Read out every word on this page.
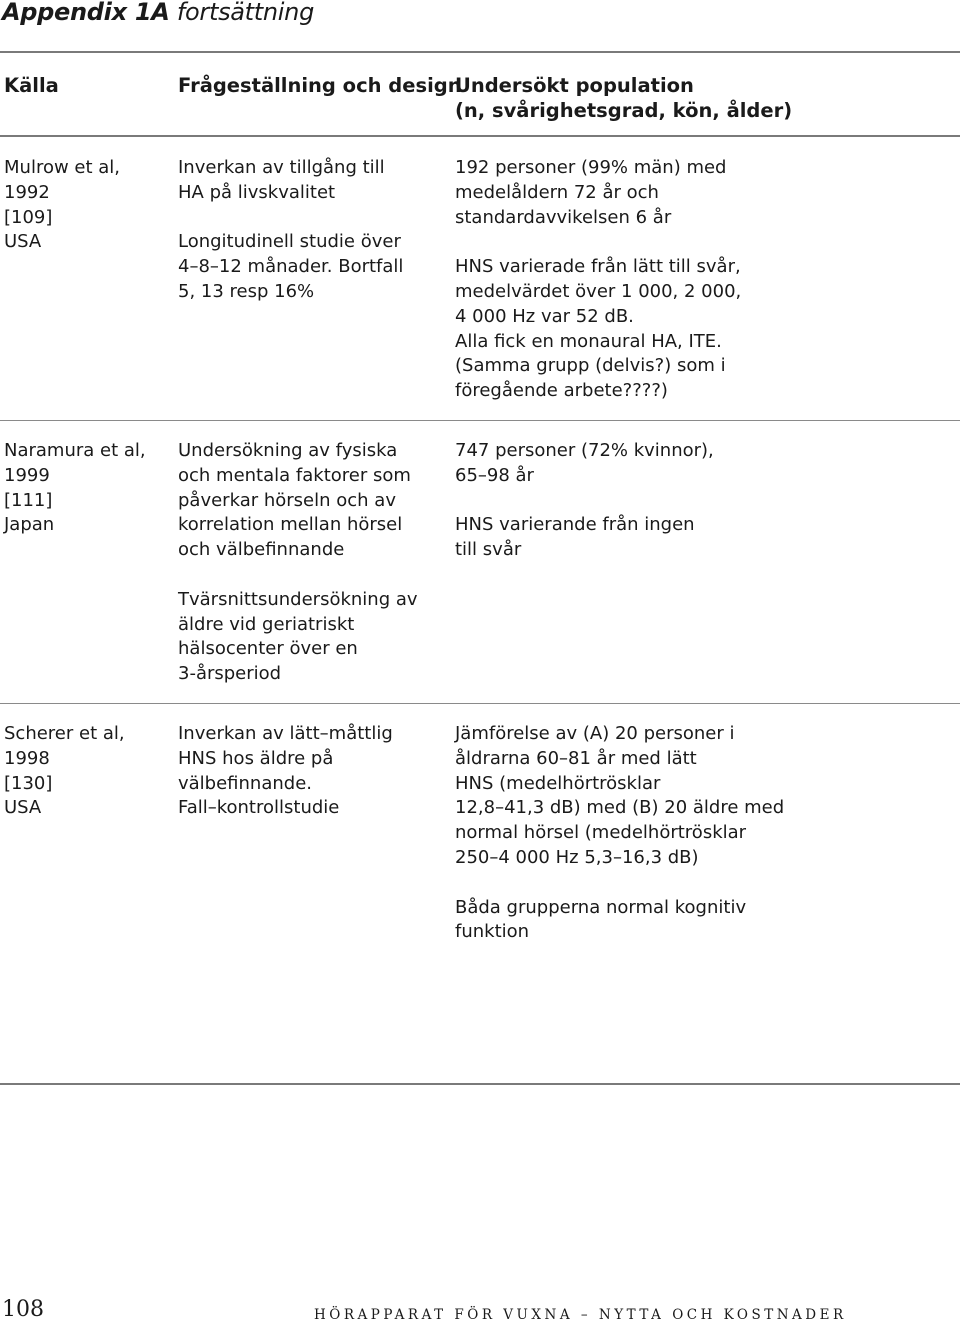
Appendix 1A fortsättning
Källa	Frågeställning och design
Undersökt population
(n, svårighetsgrad, kön, ålder)
Mulrow et al,
1992
[109]
USA
Inverkan av tillgång till
HA på livskvalitet
Longitudinell studie över
4–8–12 månader. Bortfall
5, 13 resp 16%
192 personer (99% män) med
medelåldern 72 år och
standardavvikelsen 6 år
HNS varierade från lätt till svår,
medelvärdet över 1 000, 2 000,
4 000 Hz var 52 dB.
Alla fick en monaural HA, ITE.
(Samma grupp (delvis?) som i
föregående arbete????)
Naramura et al,
1999
[111]
Japan
Undersökning av fysiska
och mentala faktorer som
påverkar hörseln och av
korrelation mellan hörsel
och välbefinnande
Tvärsnittsundersökning av
äldre vid geriatriskt
hälsocenter över en
3-årsperiod
747 personer (72% kvinnor),
65–98 år
HNS varierande från ingen
till svår
Scherer et al,
1998
[130]
USA
Inverkan av lätt–måttlig
HNS hos äldre på
välbefinnande.
Fall–kontrollstudie
Jämförelse av (A) 20 personer i
åldrarna 60–81 år med lätt
HNS (medelhörtrösklar
12,8–41,3 dB) med (B) 20 äldre med
normal hörsel (medelhörtrösklar
250–4 000 Hz 5,3–16,3 dB)
Båda grupperna normal kognitiv
funktion
108	HÖRAPPARAT FÖR VUXNA – NYTTA OCH KOSTNADER
